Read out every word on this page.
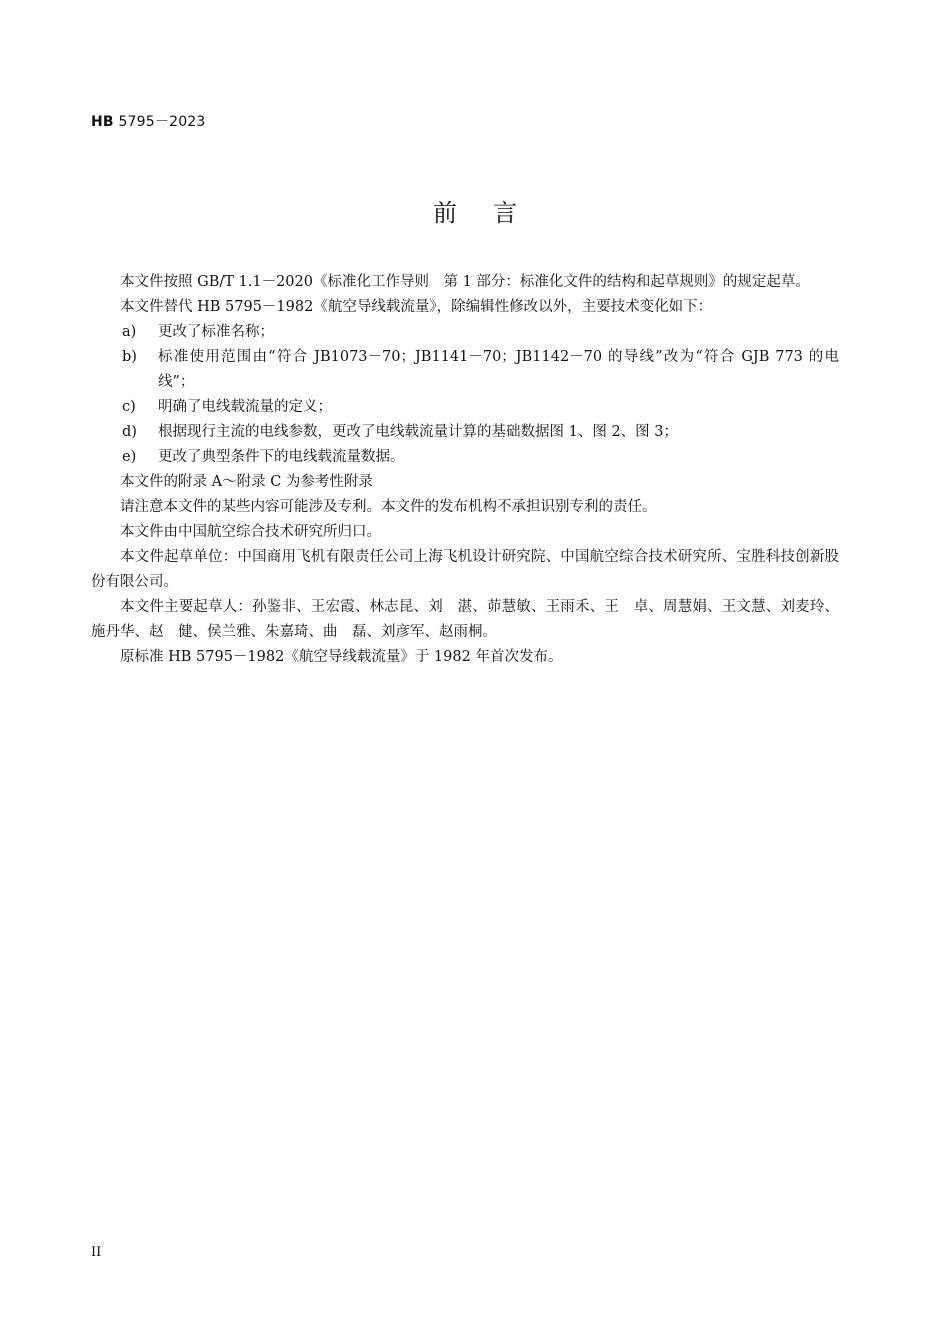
HB 5795－2023
前言

本文件按照 GB/T 1.1－2020《标准化工作导则　第 1 部分：标准化文件的结构和起草规则》的规定起草。

本文件替代 HB 5795－1982《航空导线载流量》，除编辑性修改以外，主要技术变化如下：

a) 更改了标准名称；
b) 标准使用范围由“符合 JB1073－70；JB1141－70；JB1142－70 的导线”改为“符合 GJB 773 的电线”；
c) 明确了电线载流量的定义；
d) 根据现行主流的电线参数，更改了电线载流量计算的基础数据图 1、图 2、图 3；
e) 更改了典型条件下的电线载流量数据。

本文件的附录 A～附录 C 为参考性附录

请注意本文件的某些内容可能涉及专利。本文件的发布机构不承担识别专利的责任。

本文件由中国航空综合技术研究所归口。

本文件起草单位：中国商用飞机有限责任公司上海飞机设计研究院、中国航空综合技术研究所、宝胜科技创新股份有限公司。

本文件主要起草人：孙鉴非、王宏霞、林志昆、刘　湛、茆慧敏、王雨禾、王　卓、周慧娟、王文慧、刘麦玲、施丹华、赵　健、侯兰雅、朱嘉琦、曲　磊、刘彦军、赵雨桐。

原标准 HB 5795－1982《航空导线载流量》于 1982 年首次发布。

II
